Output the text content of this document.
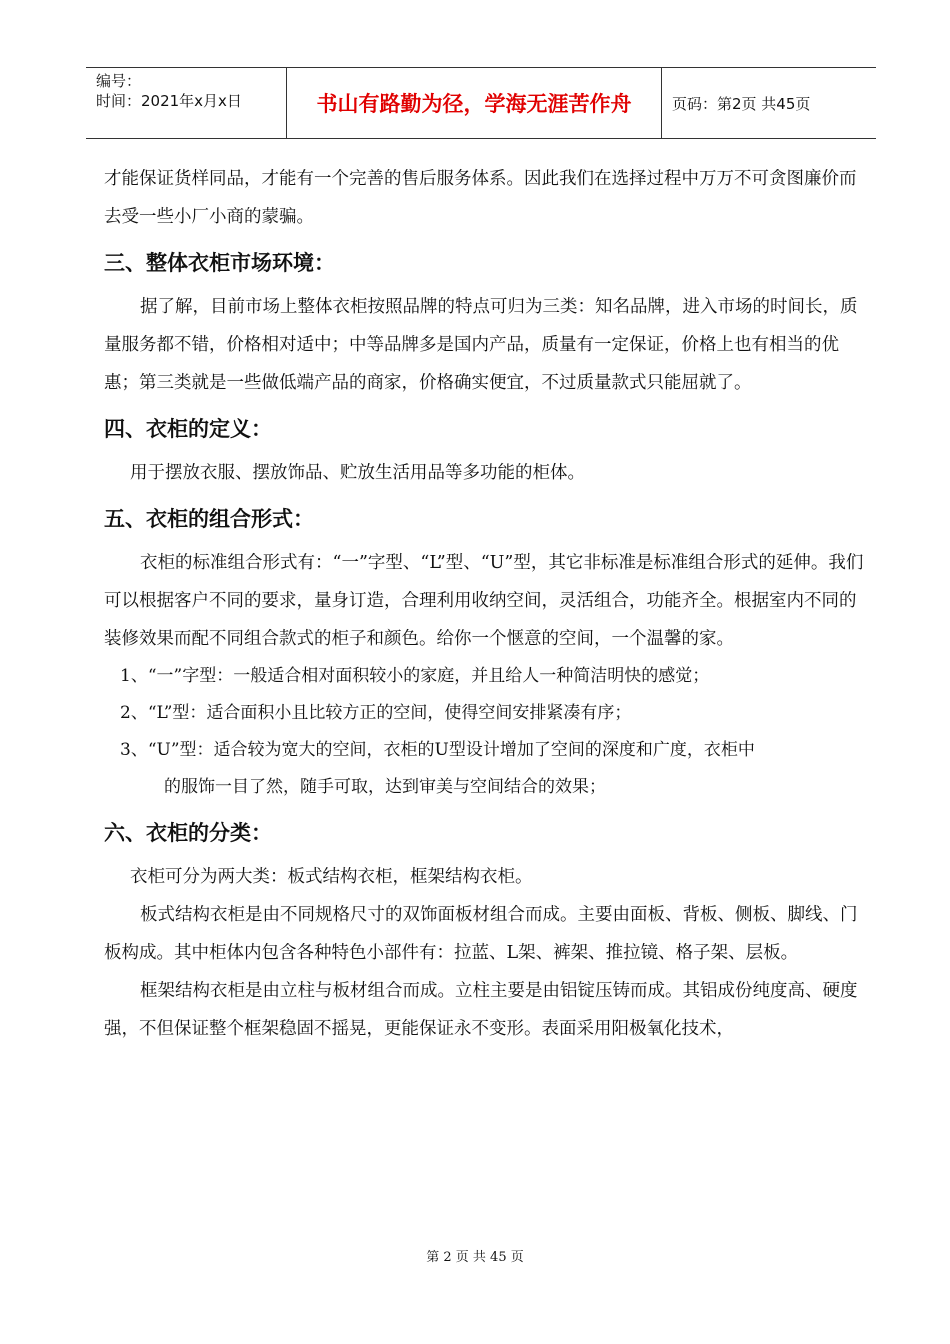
编号：
时间：2021年x月x日	书山有路勤为径，学海无涯苦作舟	页码：第2页 共45页

才能保证货样同品，才能有一个完善的售后服务体系。因此我们在选择过程中万万不可贪图廉价而去受一些小厂小商的蒙骗。

三、整体衣柜市场环境：

据了解，目前市场上整体衣柜按照品牌的特点可归为三类：知名品牌，进入市场的时间长，质量服务都不错，价格相对适中；中等品牌多是国内产品，质量有一定保证，价格上也有相当的优惠；第三类就是一些做低端产品的商家，价格确实便宜，不过质量款式只能屈就了。

四、衣柜的定义：

用于摆放衣服、摆放饰品、贮放生活用品等多功能的柜体。

五、衣柜的组合形式：

衣柜的标准组合形式有：“一”字型、“L”型、“U”型，其它非标准是标准组合形式的延伸。我们可以根据客户不同的要求，量身订造，合理利用收纳空间，灵活组合，功能齐全。根据室内不同的装修效果而配不同组合款式的柜子和颜色。给你一个惬意的空间，一个温馨的家。

1、“一”字型：一般适合相对面积较小的家庭，并且给人一种简洁明快的感觉；
2、“L”型：适合面积小且比较方正的空间，使得空间安排紧凑有序；
3、“U”型：适合较为宽大的空间，衣柜的U型设计增加了空间的深度和广度，衣柜中
的服饰一目了然，随手可取，达到审美与空间结合的效果；
六、衣柜的分类：

衣柜可分为两大类：板式结构衣柜，框架结构衣柜。

板式结构衣柜是由不同规格尺寸的双饰面板材组合而成。主要由面板、背板、侧板、脚线、门板构成。其中柜体内包含各种特色小部件有：拉蓝、L架、裤架、推拉镜、格子架、层板。

框架结构衣柜是由立柱与板材组合而成。立柱主要是由铝锭压铸而成。其铝成份纯度高、硬度强，不但保证整个框架稳固不摇晃，更能保证永不变形。表面采用阳极氧化技术，

第 2 页 共 45 页
